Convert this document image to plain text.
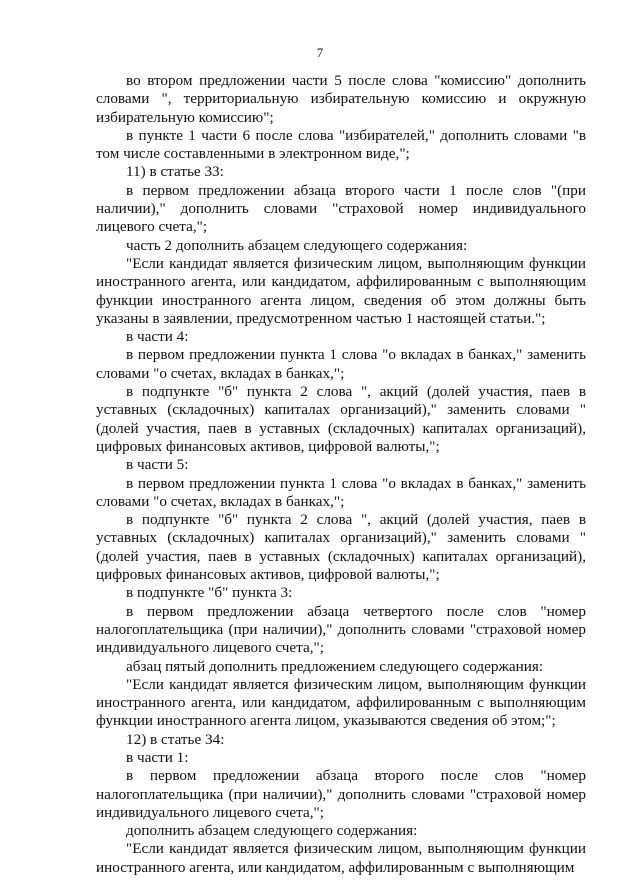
7

во втором предложении части 5 после слова "комиссию" дополнить словами ", территориальную избирательную комиссию и окружную избирательную комиссию";

в пункте 1 части 6 после слова "избирателей," дополнить словами "в том числе составленными в электронном виде,";

11) в статье 33:

в первом предложении абзаца второго части 1 после слов "(при наличии)," дополнить словами "страховой номер индивидуального лицевого счета,";

часть 2 дополнить абзацем следующего содержания:

"Если кандидат является физическим лицом, выполняющим функции иностранного агента, или кандидатом, аффилированным с выполняющим функции иностранного агента лицом, сведения об этом должны быть указаны в заявлении, предусмотренном частью 1 настоящей статьи.";

в части 4:

в первом предложении пункта 1 слова "о вкладах в банках," заменить словами "о счетах, вкладах в банках,";

в подпункте "б" пункта 2 слова ", акций (долей участия, паев в уставных (складочных) капиталах организаций)," заменить словами "(долей участия, паев в уставных (складочных) капиталах организаций), цифровых финансовых активов, цифровой валюты,";

в части 5:

в первом предложении пункта 1 слова "о вкладах в банках," заменить словами "о счетах, вкладах в банках,";

в подпункте "б" пункта 2 слова ", акций (долей участия, паев в уставных (складочных) капиталах организаций)," заменить словами "(долей участия, паев в уставных (складочных) капиталах организаций), цифровых финансовых активов, цифровой валюты,";

в подпункте "б" пункта 3:

в первом предложении абзаца четвертого после слов "номер налогоплательщика (при наличии)," дополнить словами "страховой номер индивидуального лицевого счета,";

абзац пятый дополнить предложением следующего содержания:

"Если кандидат является физическим лицом, выполняющим функции иностранного агента, или кандидатом, аффилированным с выполняющим функции иностранного агента лицом, указываются сведения об этом;";

12) в статье 34:

в части 1:

в первом предложении абзаца второго после слов "номер налогоплательщика (при наличии)," дополнить словами "страховой номер индивидуального лицевого счета,";

дополнить абзацем следующего содержания:

"Если кандидат является физическим лицом, выполняющим функции иностранного агента, или кандидатом, аффилированным с выполняющим
